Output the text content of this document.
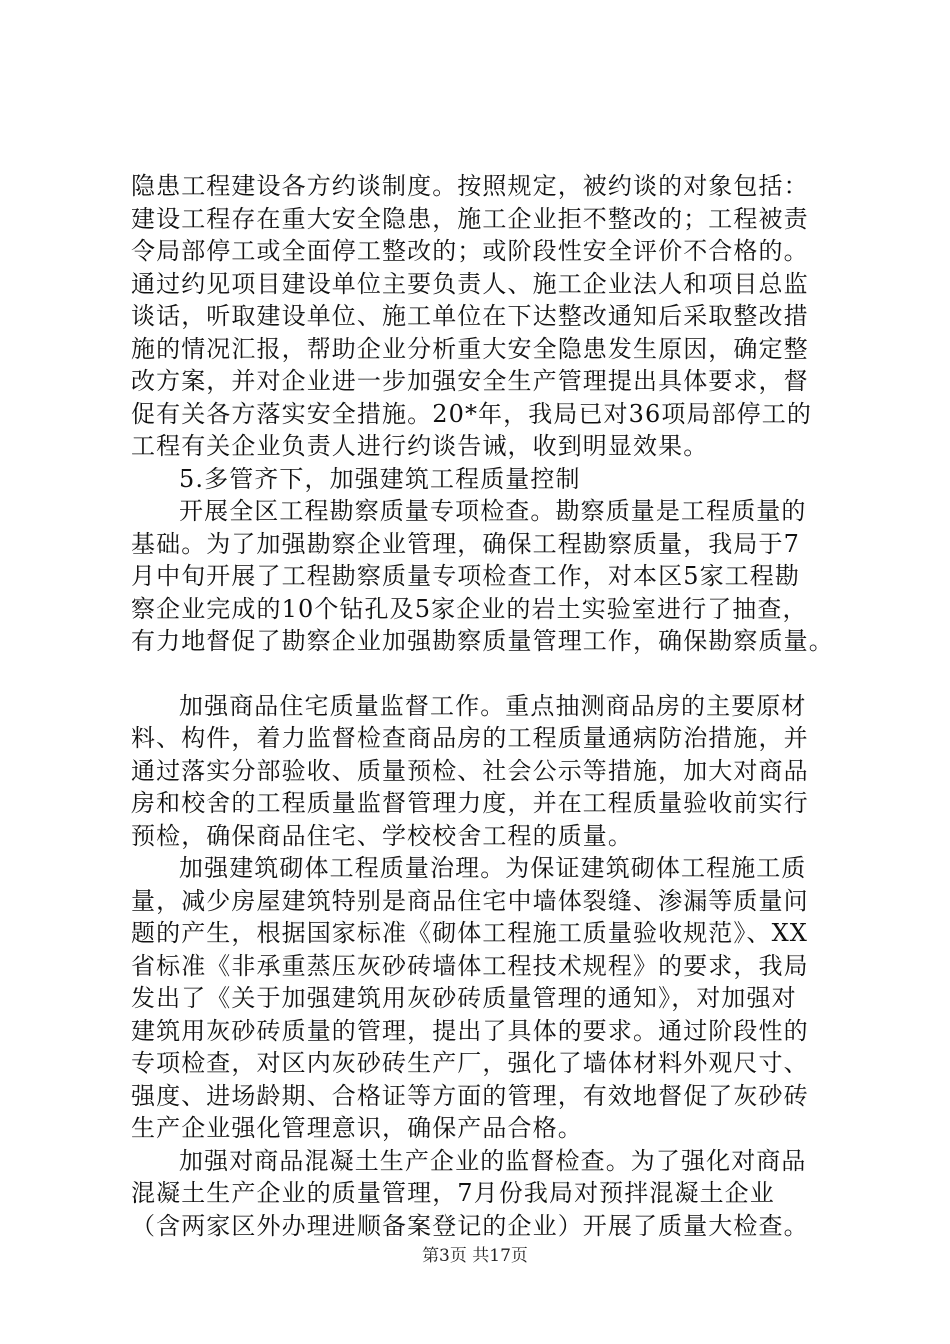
隐患工程建设各方约谈制度。按照规定，被约谈的对象包括：
建设工程存在重大安全隐患，施工企业拒不整改的；工程被责
令局部停工或全面停工整改的；或阶段性安全评价不合格的。
通过约见项目建设单位主要负责人、施工企业法人和项目总监
谈话，听取建设单位、施工单位在下达整改通知后采取整改措
施的情况汇报，帮助企业分析重大安全隐患发生原因，确定整
改方案，并对企业进一步加强安全生产管理提出具体要求，督
促有关各方落实安全措施。20*年，我局已对36项局部停工的
工程有关企业负责人进行约谈告诫，收到明显效果。
5.多管齐下，加强建筑工程质量控制
开展全区工程勘察质量专项检查。勘察质量是工程质量的
基础。为了加强勘察企业管理，确保工程勘察质量，我局于7
月中旬开展了工程勘察质量专项检查工作，对本区5家工程勘
察企业完成的10个钻孔及5家企业的岩土实验室进行了抽查，
有力地督促了勘察企业加强勘察质量管理工作，确保勘察质量。
加强商品住宅质量监督工作。重点抽测商品房的主要原材
料、构件，着力监督检查商品房的工程质量通病防治措施，并
通过落实分部验收、质量预检、社会公示等措施，加大对商品
房和校舍的工程质量监督管理力度，并在工程质量验收前实行
预检，确保商品住宅、学校校舍工程的质量。
加强建筑砌体工程质量治理。为保证建筑砌体工程施工质
量，减少房屋建筑特别是商品住宅中墙体裂缝、渗漏等质量问
题的产生，根据国家标准《砌体工程施工质量验收规范》、XX
省标准《非承重蒸压灰砂砖墙体工程技术规程》的要求，我局
发出了《关于加强建筑用灰砂砖质量管理的通知》，对加强对
建筑用灰砂砖质量的管理，提出了具体的要求。通过阶段性的
专项检查，对区内灰砂砖生产厂，强化了墙体材料外观尺寸、
强度、进场龄期、合格证等方面的管理，有效地督促了灰砂砖
生产企业强化管理意识，确保产品合格。
加强对商品混凝土生产企业的监督检查。为了强化对商品
混凝土生产企业的质量管理，7月份我局对预拌混凝土企业
（含两家区外办理进顺备案登记的企业）开展了质量大检查。
第3页 共17页
